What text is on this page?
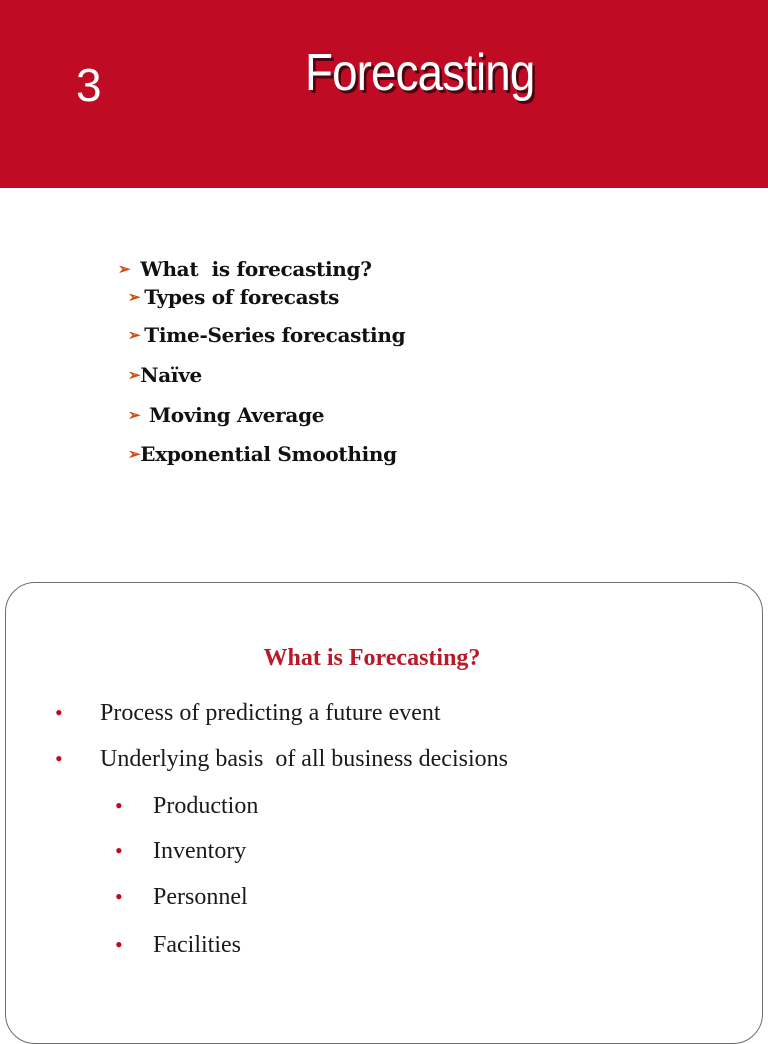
3	Forecasting
➢ What  is forecasting?
➢ Types of forecasts
➢ Time-Series forecasting
➢ Naïve
➢ Moving Average
➢ Exponential Smoothing
What is Forecasting?
•	Process of predicting a future event
•	Underlying basis  of all business decisions
•	Production
•	Inventory
•	Personnel
•	Facilities
